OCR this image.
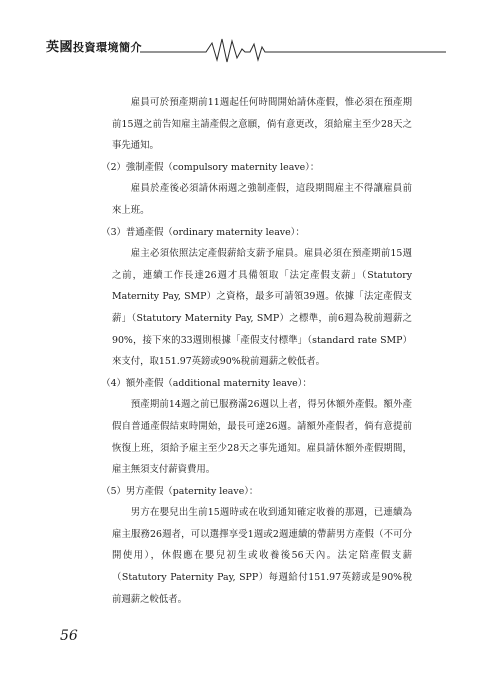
英國投資環境簡介

雇員可於預產期前11週起任何時間開始請休產假，惟必須在預產期前15週之前告知雇主請產假之意願，倘有意更改，須給雇主至少28天之事先通知。

（2）強制產假（compulsory maternity leave）：

雇員於產後必須請休兩週之強制產假，這段期間雇主不得讓雇員前來上班。

（3）普通產假（ordinary maternity leave）：

雇主必須依照法定產假薪給支薪予雇員。雇員必須在預產期前15週之前，連續工作長達26週才具備領取「法定產假支薪」（Statutory Maternity Pay, SMP）之資格，最多可請領39週。依據「法定產假支薪」（Statutory Maternity Pay, SMP）之標準，前6週為稅前週薪之90%，接下來的33週則根據「產假支付標準」（standard rate SMP）來支付，取151.97英鎊或90%稅前週薪之較低者。

（4）額外產假（additional maternity leave）：

預產期前14週之前已服務滿26週以上者，得另休額外產假。額外產假自普通產假結束時開始，最長可達26週。請額外產假者，倘有意提前恢復上班，須給予雇主至少28天之事先通知。雇員請休額外產假期間，雇主無須支付薪資費用。

（5）男方產假（paternity leave）：

男方在嬰兒出生前15週時或在收到通知確定收養的那週，已連續為雇主服務26週者，可以選擇享受1週或2週連續的帶薪男方產假（不可分開使用），休假應在嬰兒初生或收養後56天內。法定陪產假支薪（Statutory Paternity Pay, SPP）每週給付151.97英鎊或是90%稅前週薪之較低者。

56
